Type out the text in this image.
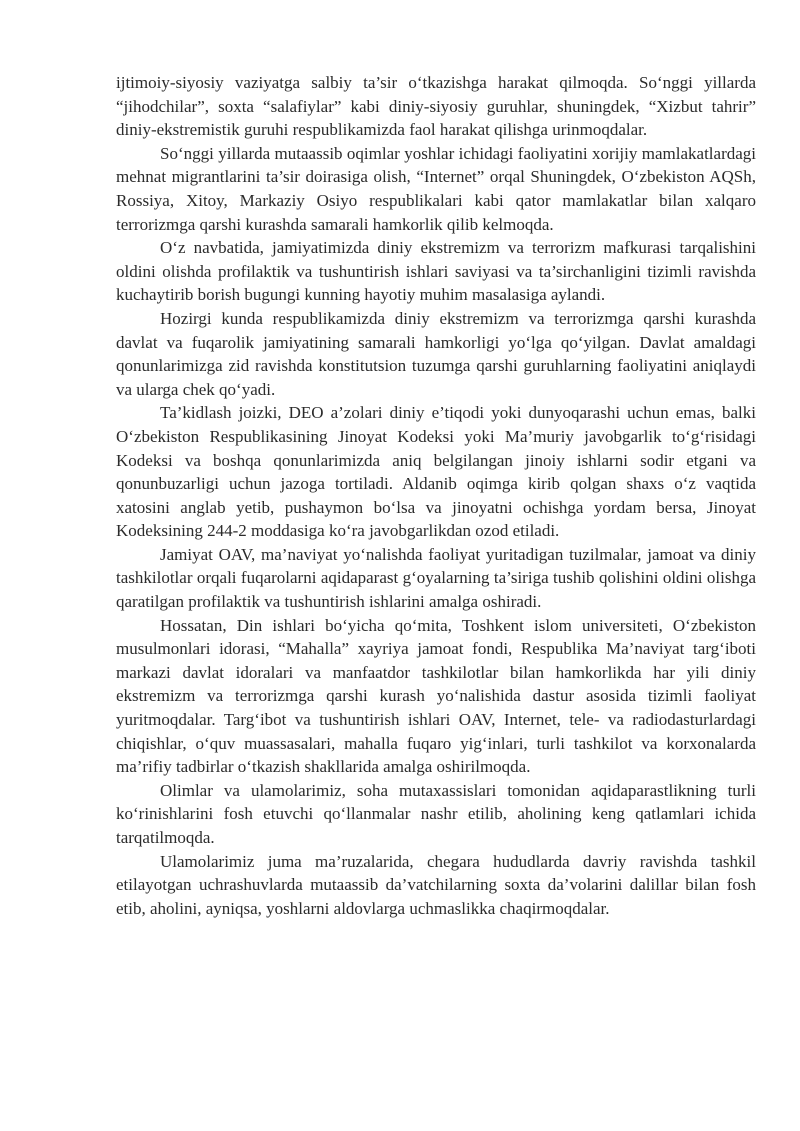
ijtimoiy-siyosiy vaziyatga salbiy ta’sir o‘tkazishga harakat qilmoqda. So‘nggi yillarda “jihodchilar”, soxta “salafiylar” kabi diniy-siyosiy guruhlar, shuningdek, “Xizbut tahrir” diniy-ekstremistik guruhi respublikamizda faol harakat qilishga urinmoqdalar.

So‘nggi yillarda mutaassib oqimlar yoshlar ichidagi faoliyatini xorijiy mamlakatlardagi mehnat migrantlarini ta’sir doirasiga olish, “Internet” orqal Shuningdek, O‘zbekiston AQSh, Rossiya, Xitoy, Markaziy Osiyo respublikalari kabi qator mamlakatlar bilan xalqaro terrorizmga qarshi kurashda samarali hamkorlik qilib kelmoqda.

O‘z navbatida, jamiyatimizda diniy ekstremizm va terrorizm mafkurasi tarqalishini oldini olishda profilaktik va tushuntirish ishlari saviyasi va ta’sirchanligini tizimli ravishda kuchaytirib borish bugungi kunning hayotiy muhim masalasiga aylandi.

Hozirgi kunda respublikamizda diniy ekstremizm va terrorizmga qarshi kurashda davlat va fuqarolik jamiyatining samarali hamkorligi yo‘lga qo‘yilgan. Davlat amaldagi qonunlarimizga zid ravishda konstitutsion tuzumga qarshi guruhlarning faoliyatini aniqlaydi va ularga chek qo‘yadi.

Ta’kidlash joizki, DEO a’zolari diniy e’tiqodi yoki dunyoqarashi uchun emas, balki O‘zbekiston Respublikasining Jinoyat Kodeksi yoki Ma’muriy javobgarlik to‘g‘risidagi Kodeksi va boshqa qonunlarimizda aniq belgilangan jinoiy ishlarni sodir etgani va qonunbuzarligi uchun jazoga tortiladi. Aldanib oqimga kirib qolgan shaxs o‘z vaqtida xatosini anglab yetib, pushaymon bo‘lsa va jinoyatni ochishga yordam bersa, Jinoyat Kodeksining 244-2 moddasiga ko‘ra javobgarlikdan ozod etiladi.

Jamiyat OAV, ma’naviyat yo‘nalishda faoliyat yuritadigan tuzilmalar, jamoat va diniy tashkilotlar orqali fuqarolarni aqidaparast g‘oyalarning ta’siriga tushib qolishini oldini olishga qaratilgan profilaktik va tushuntirish ishlarini amalga oshiradi.

Hossatan, Din ishlari bo‘yicha qo‘mita, Toshkent islom universiteti, O‘zbekiston musulmonlari idorasi, “Mahalla” xayriya jamoat fondi, Respublika Ma’naviyat targ‘iboti markazi davlat idoralari va manfaatdor tashkilotlar bilan hamkorlikda har yili diniy ekstremizm va terrorizmga qarshi kurash yo‘nalishida dastur asosida tizimli faoliyat yuritmoqdalar. Targ‘ibot va tushuntirish ishlari OAV, Internet, tele- va radiodasturlardagi chiqishlar, o‘quv muassasalari, mahalla fuqaro yig‘inlari, turli tashkilot va korxonalarda ma’rifiy tadbirlar o‘tkazish shakllarida amalga oshirilmoqda.

Olimlar va ulamolarimiz, soha mutaxassislari tomonidan aqidaparastlikning turli ko‘rinishlarini fosh etuvchi qo‘llanmalar nashr etilib, aholining keng qatlamlari ichida tarqatilmoqda.

Ulamolarimiz juma ma’ruzalarida, chegara hududlarda davriy ravishda tashkil etilayotgan uchrashuvlarda mutaassib da’vatchilarning soxta da’volarini dalillar bilan fosh etib, aholini, ayniqsa, yoshlarni aldovlarga uchmaslikka chaqirmoqdalar.
